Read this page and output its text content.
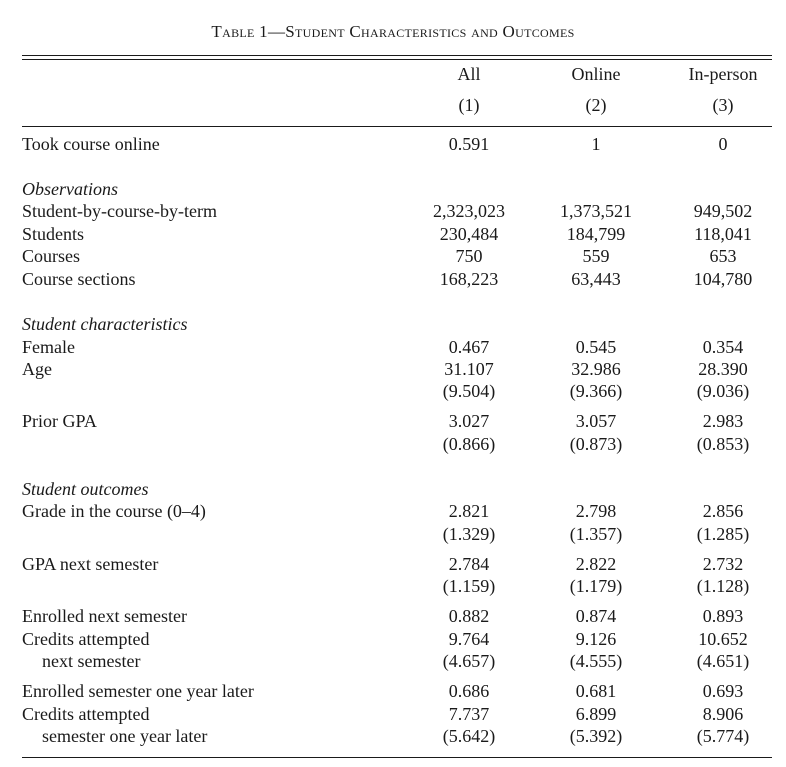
Table 1—Student Characteristics and Outcomes
All	Online	In-person
(1)	(2)	(3)
Took course online	0.591	1	0
Observations
Student-by-course-by-term	2,323,023	1,373,521	949,502
Students	230,484	184,799	118,041
Courses	750	559	653
Course sections	168,223	63,443	104,780
Student characteristics
Female	0.467	0.545	0.354
Age	31.107	32.986	28.390
(9.504)	(9.366)	(9.036)
Prior GPA	3.027	3.057	2.983
(0.866)	(0.873)	(0.853)
Student outcomes
Grade in the course (0–4)	2.821	2.798	2.856
(1.329)	(1.357)	(1.285)
GPA next semester	2.784	2.822	2.732
(1.159)	(1.179)	(1.128)
Enrolled next semester	0.882	0.874	0.893
Credits attempted	9.764	9.126	10.652
next semester	(4.657)	(4.555)	(4.651)
Enrolled semester one year later	0.686	0.681	0.693
Credits attempted	7.737	6.899	8.906
semester one year later	(5.642)	(5.392)	(5.774)
